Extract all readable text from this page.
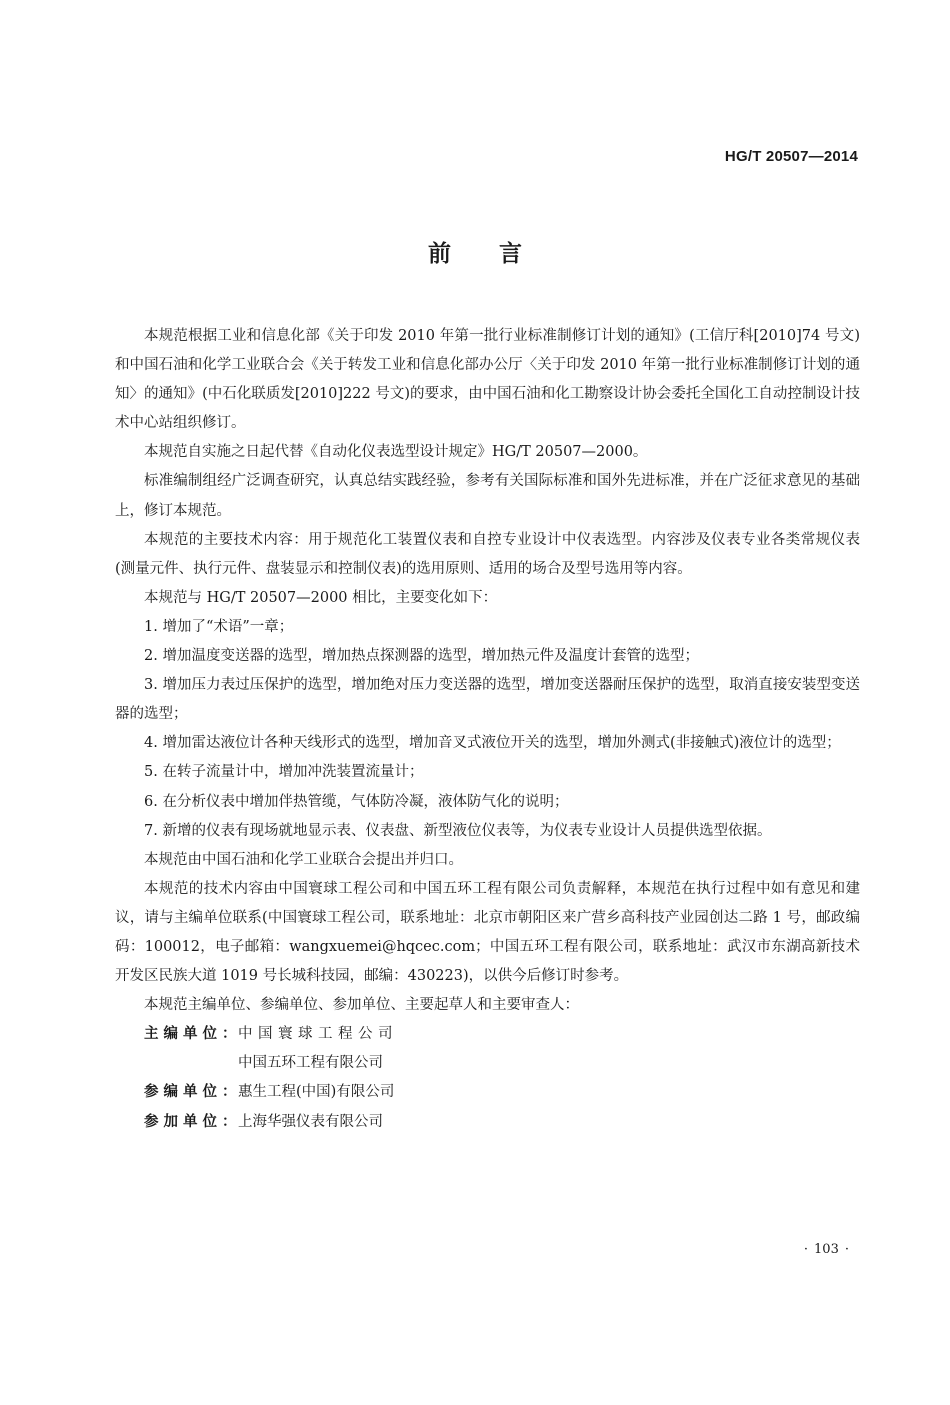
HG/T 20507—2014
前言

本规范根据工业和信息化部《关于印发 2010 年第一批行业标准制修订计划的通知》(工信厅科[2010]74 号文)和中国石油和化学工业联合会《关于转发工业和信息化部办公厅〈关于印发 2010 年第一批行业标准制修订计划的通知〉的通知》(中石化联质发[2010]222 号文)的要求，由中国石油和化工勘察设计协会委托全国化工自动控制设计技术中心站组织修订。

本规范自实施之日起代替《自动化仪表选型设计规定》HG/T 20507—2000。

标准编制组经广泛调查研究，认真总结实践经验，参考有关国际标准和国外先进标准，并在广泛征求意见的基础上，修订本规范。

本规范的主要技术内容：用于规范化工装置仪表和自控专业设计中仪表选型。内容涉及仪表专业各类常规仪表(测量元件、执行元件、盘装显示和控制仪表)的选用原则、适用的场合及型号选用等内容。

本规范与 HG/T 20507—2000 相比，主要变化如下：

1. 增加了“术语”一章；

2. 增加温度变送器的选型，增加热点探测器的选型，增加热元件及温度计套管的选型；

3. 增加压力表过压保护的选型，增加绝对压力变送器的选型，增加变送器耐压保护的选型，取消直接安装型变送器的选型；

4. 增加雷达液位计各种天线形式的选型，增加音叉式液位开关的选型，增加外测式(非接触式)液位计的选型；

5. 在转子流量计中，增加冲洗装置流量计；

6. 在分析仪表中增加伴热管缆，气体防冷凝，液体防气化的说明；

7. 新增的仪表有现场就地显示表、仪表盘、新型液位仪表等，为仪表专业设计人员提供选型依据。

本规范由中国石油和化学工业联合会提出并归口。

本规范的技术内容由中国寰球工程公司和中国五环工程有限公司负责解释，本规范在执行过程中如有意见和建议，请与主编单位联系(中国寰球工程公司，联系地址：北京市朝阳区来广营乡高科技产业园创达二路 1 号，邮政编码：100012，电子邮箱：wangxuemei@hqcec.com；中国五环工程有限公司，联系地址：武汉市东湖高新技术开发区民族大道 1019 号长城科技园，邮编：430223)，以供今后修订时参考。

本规范主编单位、参编单位、参加单位、主要起草人和主要审查人：

主编单位：
中国寰球工程公司
中国五环工程有限公司
参编单位：
惠生工程(中国)有限公司
参加单位：
上海华强仪表有限公司
· 103 ·
